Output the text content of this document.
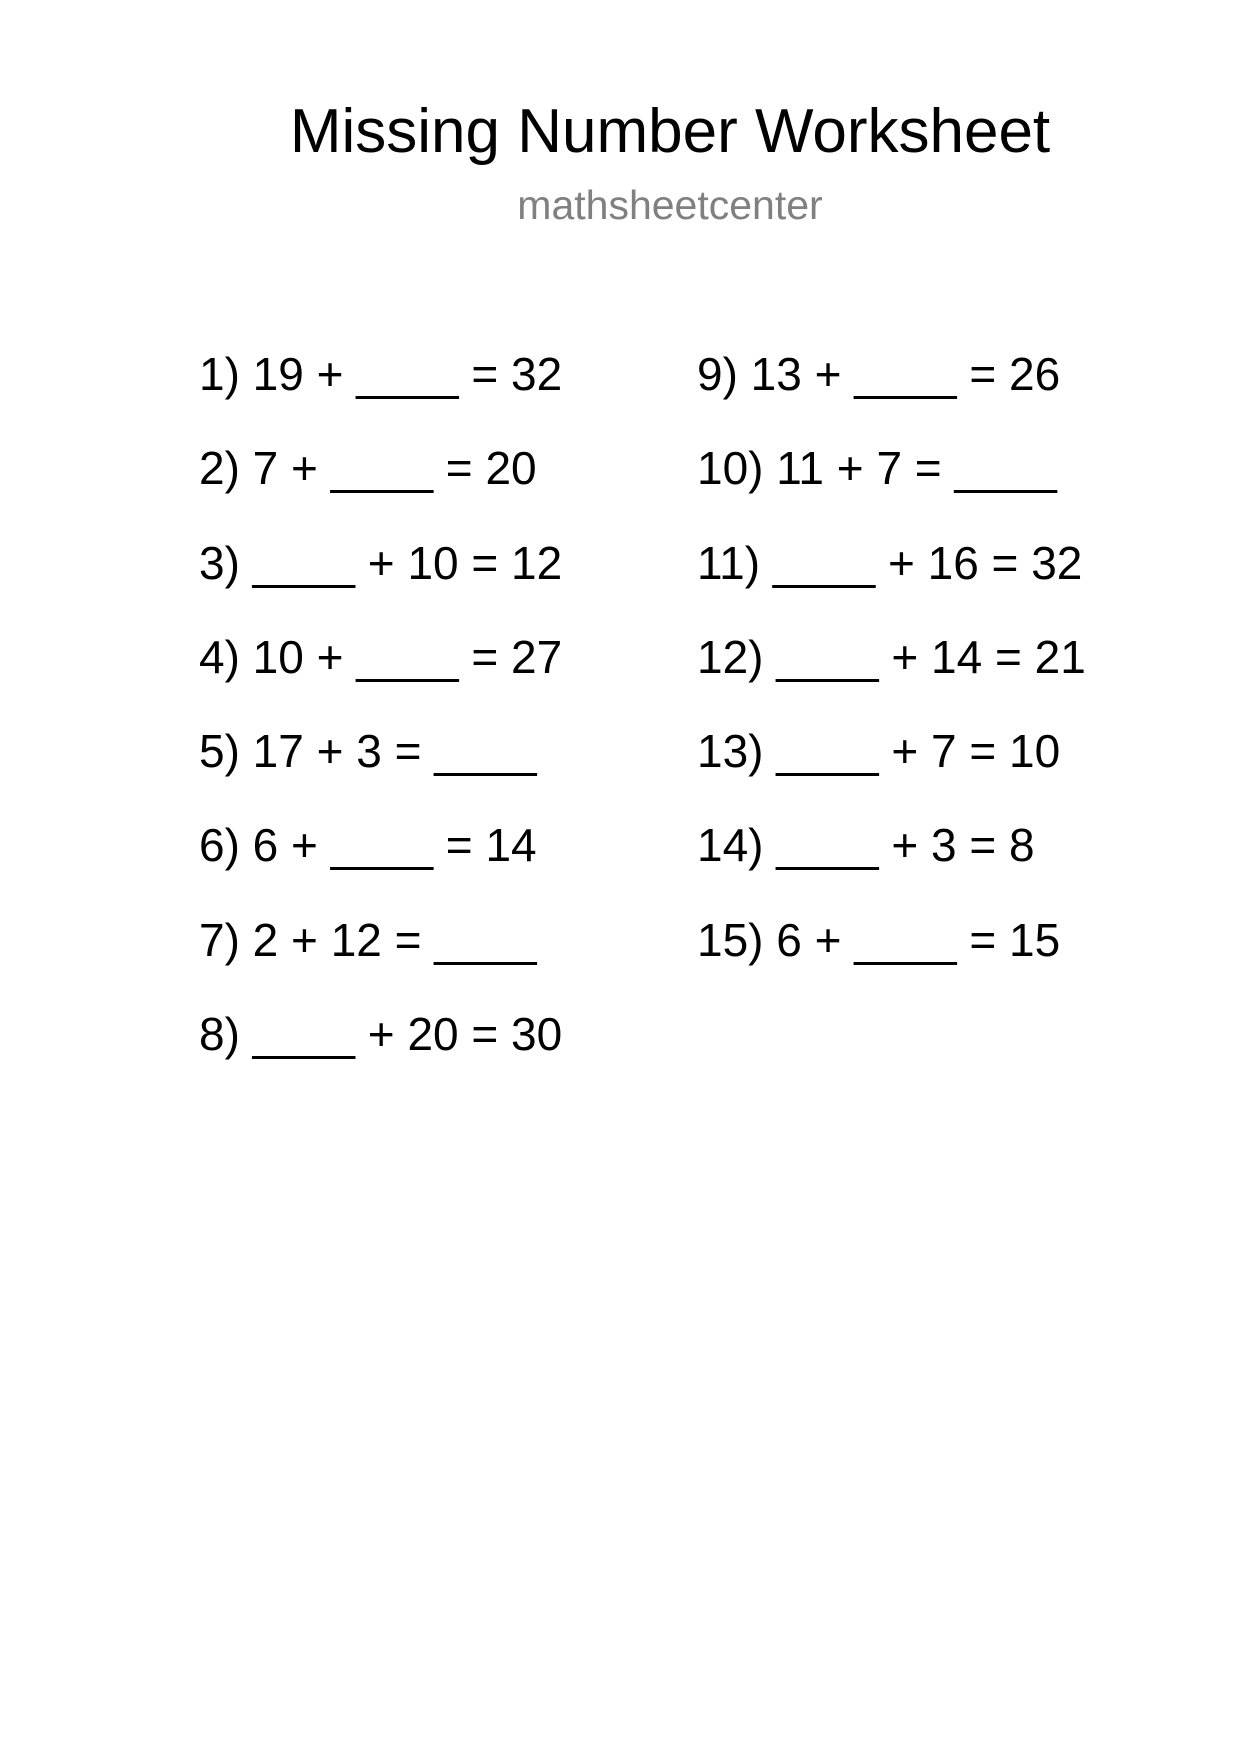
Missing Number Worksheet
mathsheetcenter
1) 19 + ____ = 32
2) 7 + ____ = 20
3) ____ + 10 = 12
4) 10 + ____ = 27
5) 17 + 3 = ____
6) 6 + ____ = 14
7) 2 + 12 = ____
8) ____ + 20 = 30
9) 13 + ____ = 26
10) 11 + 7 = ____
11) ____ + 16 = 32
12) ____ + 14 = 21
13) ____ + 7 = 10
14) ____ + 3 = 8
15) 6 + ____ = 15
